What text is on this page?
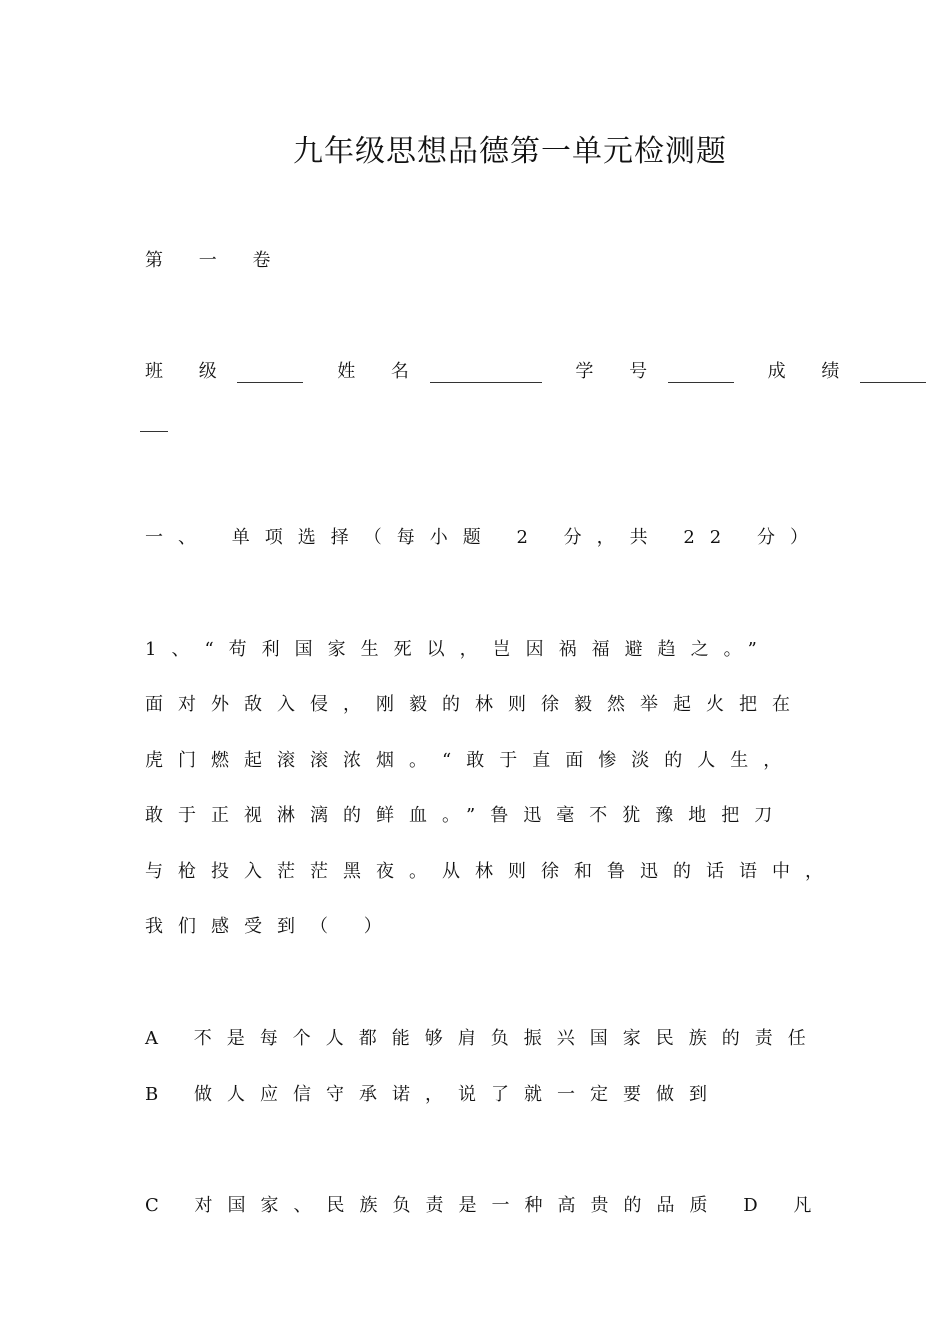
九年级思想品德第一单元检测题
第 一 卷
班 级	姓 名	学 号	成 绩
一、 单项选择（每小题 2 分，共 22 分）
1、“苟利国家生死以，岂因祸福避趋之。”
面对外敌入侵，刚毅的林则徐毅然举起火把在
虎门燃起滚滚浓烟。“敢于直面惨淡的人生，
敢于正视淋漓的鲜血。”鲁迅毫不犹豫地把刀
与枪投入茫茫黑夜。从林则徐和鲁迅的话语中，
我们感受到（ ）
A 不是每个人都能够肩负振兴国家民族的责任
B 做人应信守承诺，说了就一定要做到
C 对国家、民族负责是一种高贵的品质 D 凡
